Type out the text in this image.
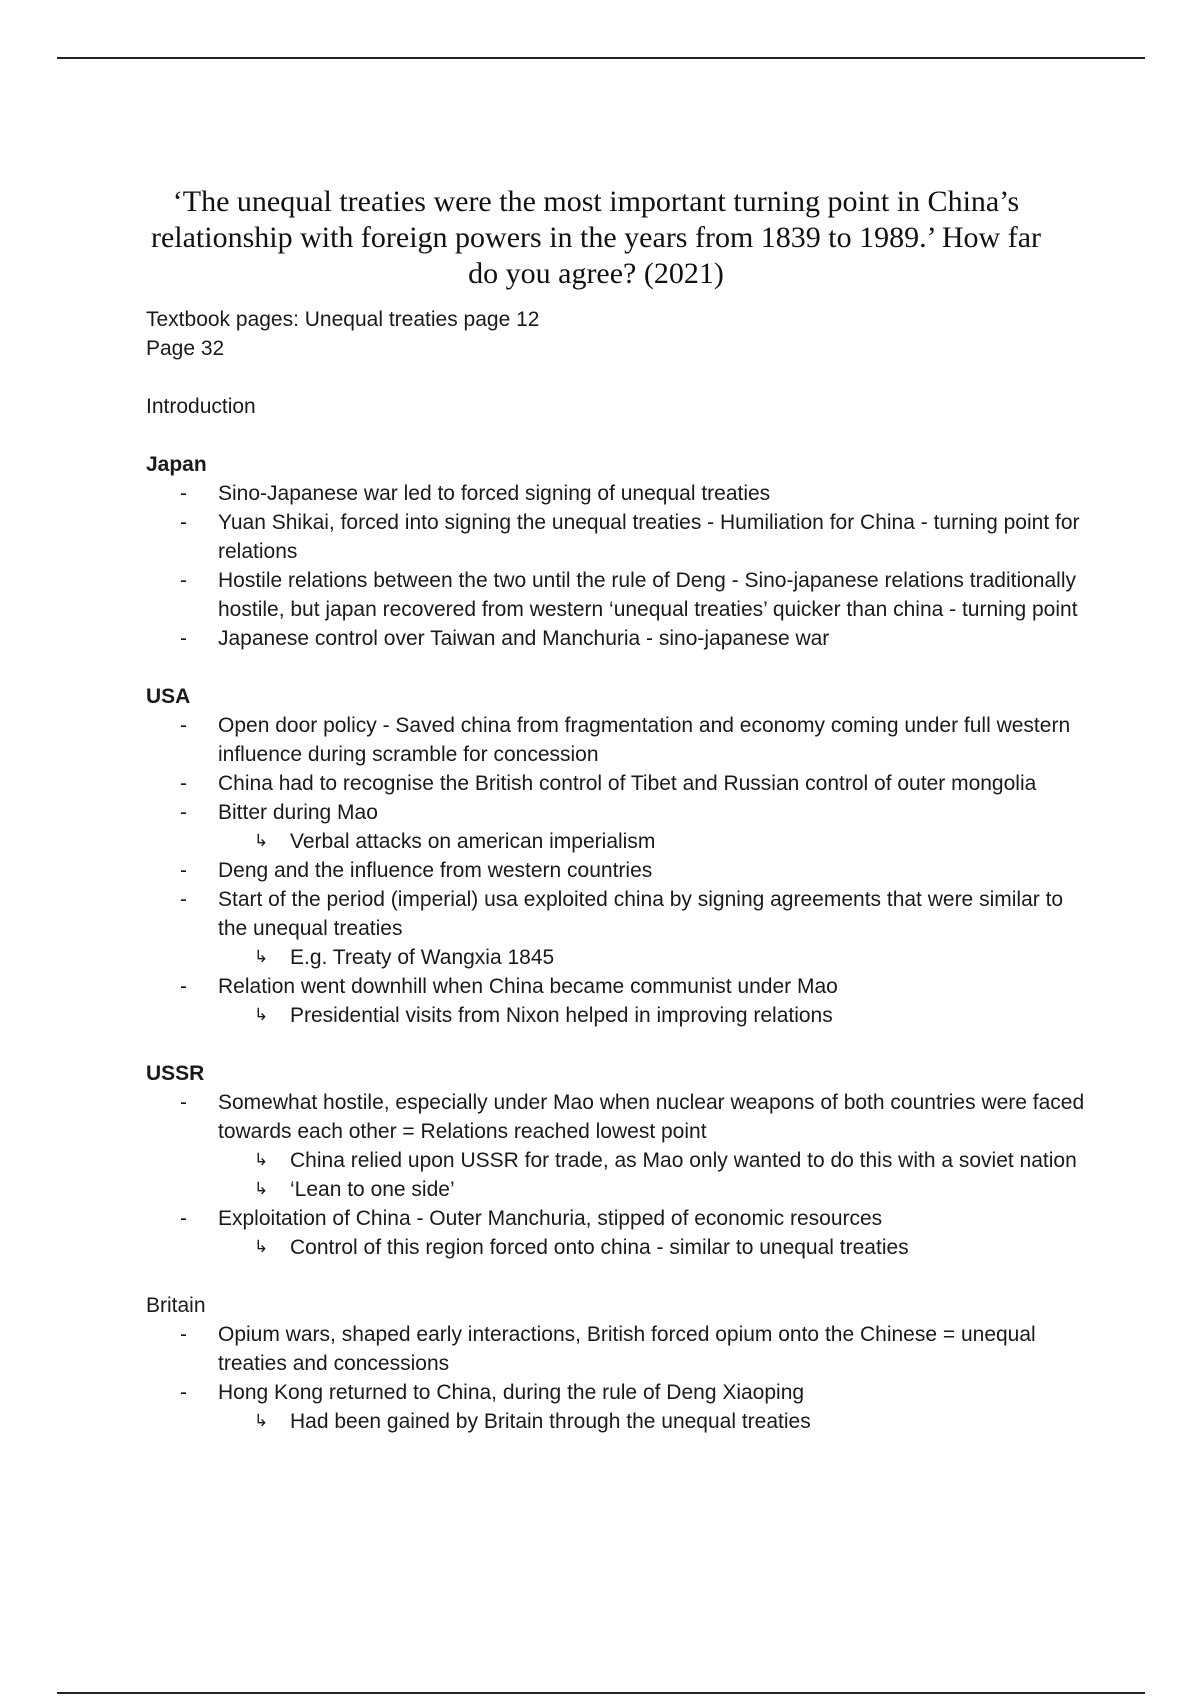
‘The unequal treaties were the most important turning point in China’s relationship with foreign powers in the years from 1839 to 1989.’ How far do you agree? (2021)
Textbook pages: Unequal treaties page 12
Page 32
Introduction
Japan
- Sino-Japanese war led to forced signing of unequal treaties
- Yuan Shikai, forced into signing the unequal treaties - Humiliation for China - turning point for relations
- Hostile relations between the two until the rule of Deng - Sino-japanese relations traditionally hostile, but japan recovered from western ‘unequal treaties’ quicker than china - turning point
- Japanese control over Taiwan and Manchuria - sino-japanese war
USA
- Open door policy - Saved china from fragmentation and economy coming under full western influence during scramble for concession
- China had to recognise the British control of Tibet and Russian control of outer mongolia
- Bitter during Mao
↳ Verbal attacks on american imperialism
- Deng and the influence from western countries
- Start of the period (imperial) usa exploited china by signing agreements that were similar to the unequal treaties
↳ E.g. Treaty of Wangxia 1845
- Relation went downhill when China became communist under Mao
↳ Presidential visits from Nixon helped in improving relations
USSR
- Somewhat hostile, especially under Mao when nuclear weapons of both countries were faced towards each other = Relations reached lowest point
↳ China relied upon USSR for trade, as Mao only wanted to do this with a soviet nation
↳ ‘Lean to one side’
- Exploitation of China - Outer Manchuria, stipped of economic resources
↳ Control of this region forced onto china - similar to unequal treaties
Britain
- Opium wars, shaped early interactions, British forced opium onto the Chinese = unequal treaties and concessions
- Hong Kong returned to China, during the rule of Deng Xiaoping
↳ Had been gained by Britain through the unequal treaties
